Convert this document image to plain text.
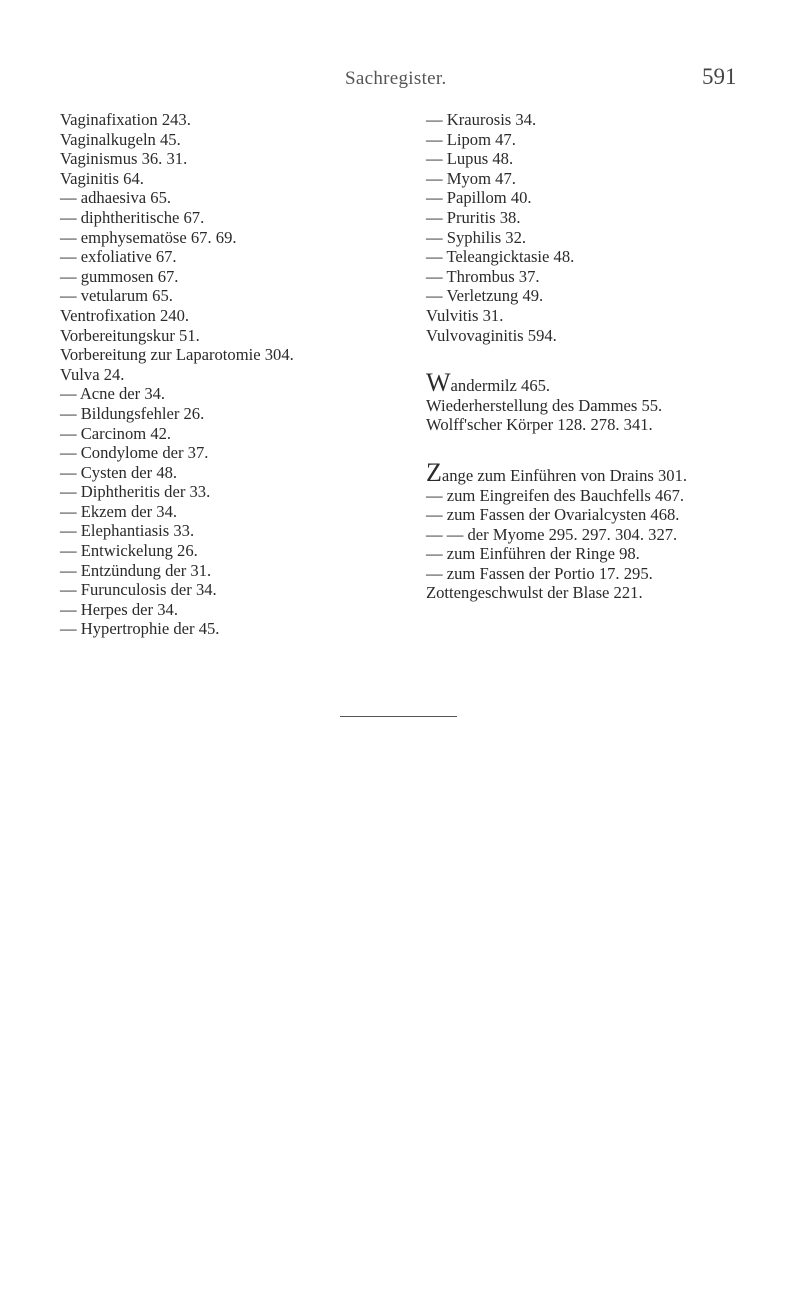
Sachregister.	591
Vaginafixation 243.
Vaginalkugeln 45.
Vaginismus 36. 31.
Vaginitis 64.
— adhaesiva 65.
— diphtheritische 67.
— emphysematöse 67. 69.
— exfoliative 67.
— gummosen 67.
— vetularum 65.
Ventrofixation 240.
Vorbereitungskur 51.
Vorbereitung zur Laparotomie 304.
Vulva 24.
— Acne der 34.
— Bildungsfehler 26.
— Carcinom 42.
— Condylome der 37.
— Cysten der 48.
— Diphtheritis der 33.
— Ekzem der 34.
— Elephantiasis 33.
— Entwickelung 26.
— Entzündung der 31.
— Furunculosis der 34.
— Herpes der 34.
— Hypertrophie der 45.
— Kraurosis 34.
— Lipom 47.
— Lupus 48.
— Myom 47.
— Papillom 40.
— Pruritis 38.
— Syphilis 32.
— Teleangicktasie 48.
— Thrombus 37.
— Verletzung 49.
Vulvitis 31.
Vulvovaginitis 594.
Wandermilz 465.
Wiederherstellung des Dammes 55.
Wolff'scher Körper 128. 278. 341.
Zange zum Einführen von Drains 301.
— zum Eingreifen des Bauchfells 467.
— zum Fassen der Ovarialcysten 468.
— — der Myome 295. 297. 304. 327.
— zum Einführen der Ringe 98.
— zum Fassen der Portio 17. 295.
Zottengeschwulst der Blase 221.
